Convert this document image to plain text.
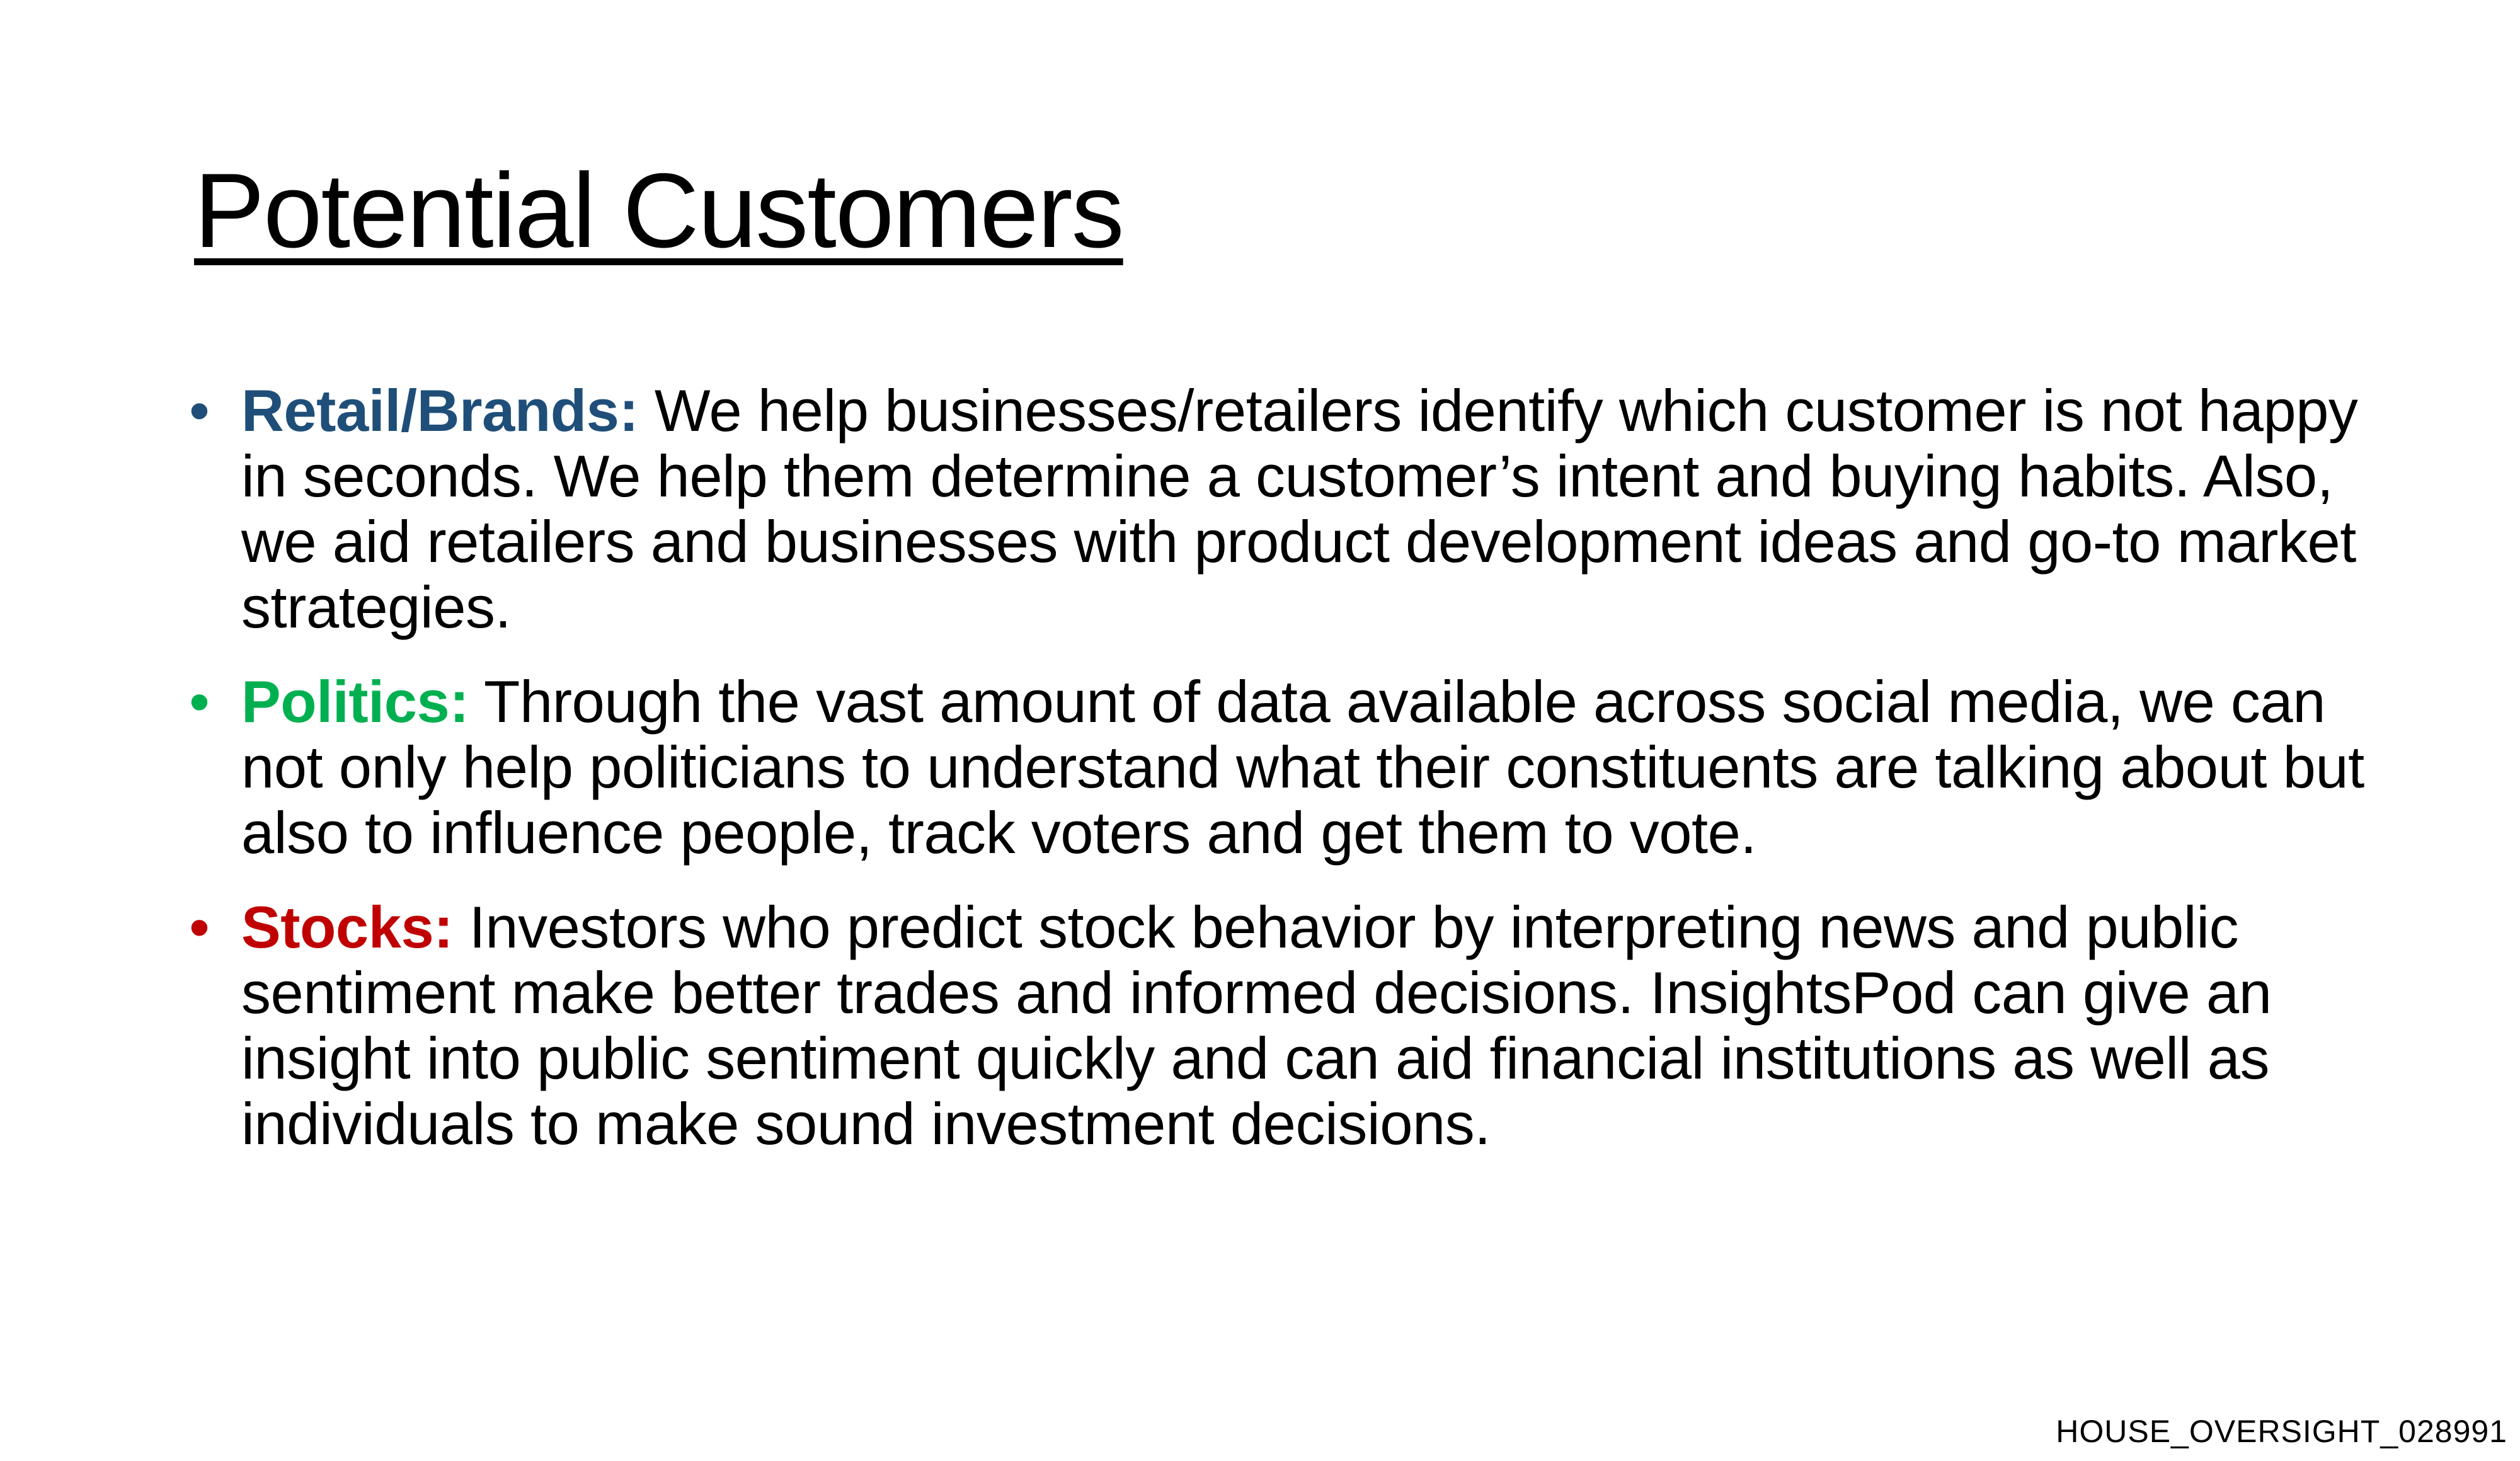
Potential Customers
• Retail/Brands: We help businesses/retailers identify which customer is not happy in seconds. We help them determine a customer’s intent and buying habits. Also, we aid retailers and businesses with product development ideas and go-to market strategies.
• Politics: Through the vast amount of data available across social media, we can not only help politicians to understand what their constituents are talking about but also to influence people, track voters and get them to vote.
• Stocks: Investors who predict stock behavior by interpreting news and public sentiment make better trades and informed decisions. InsightsPod can give an insight into public sentiment quickly and can aid financial institutions as well as individuals to make sound investment decisions.
HOUSE_OVERSIGHT_028991
